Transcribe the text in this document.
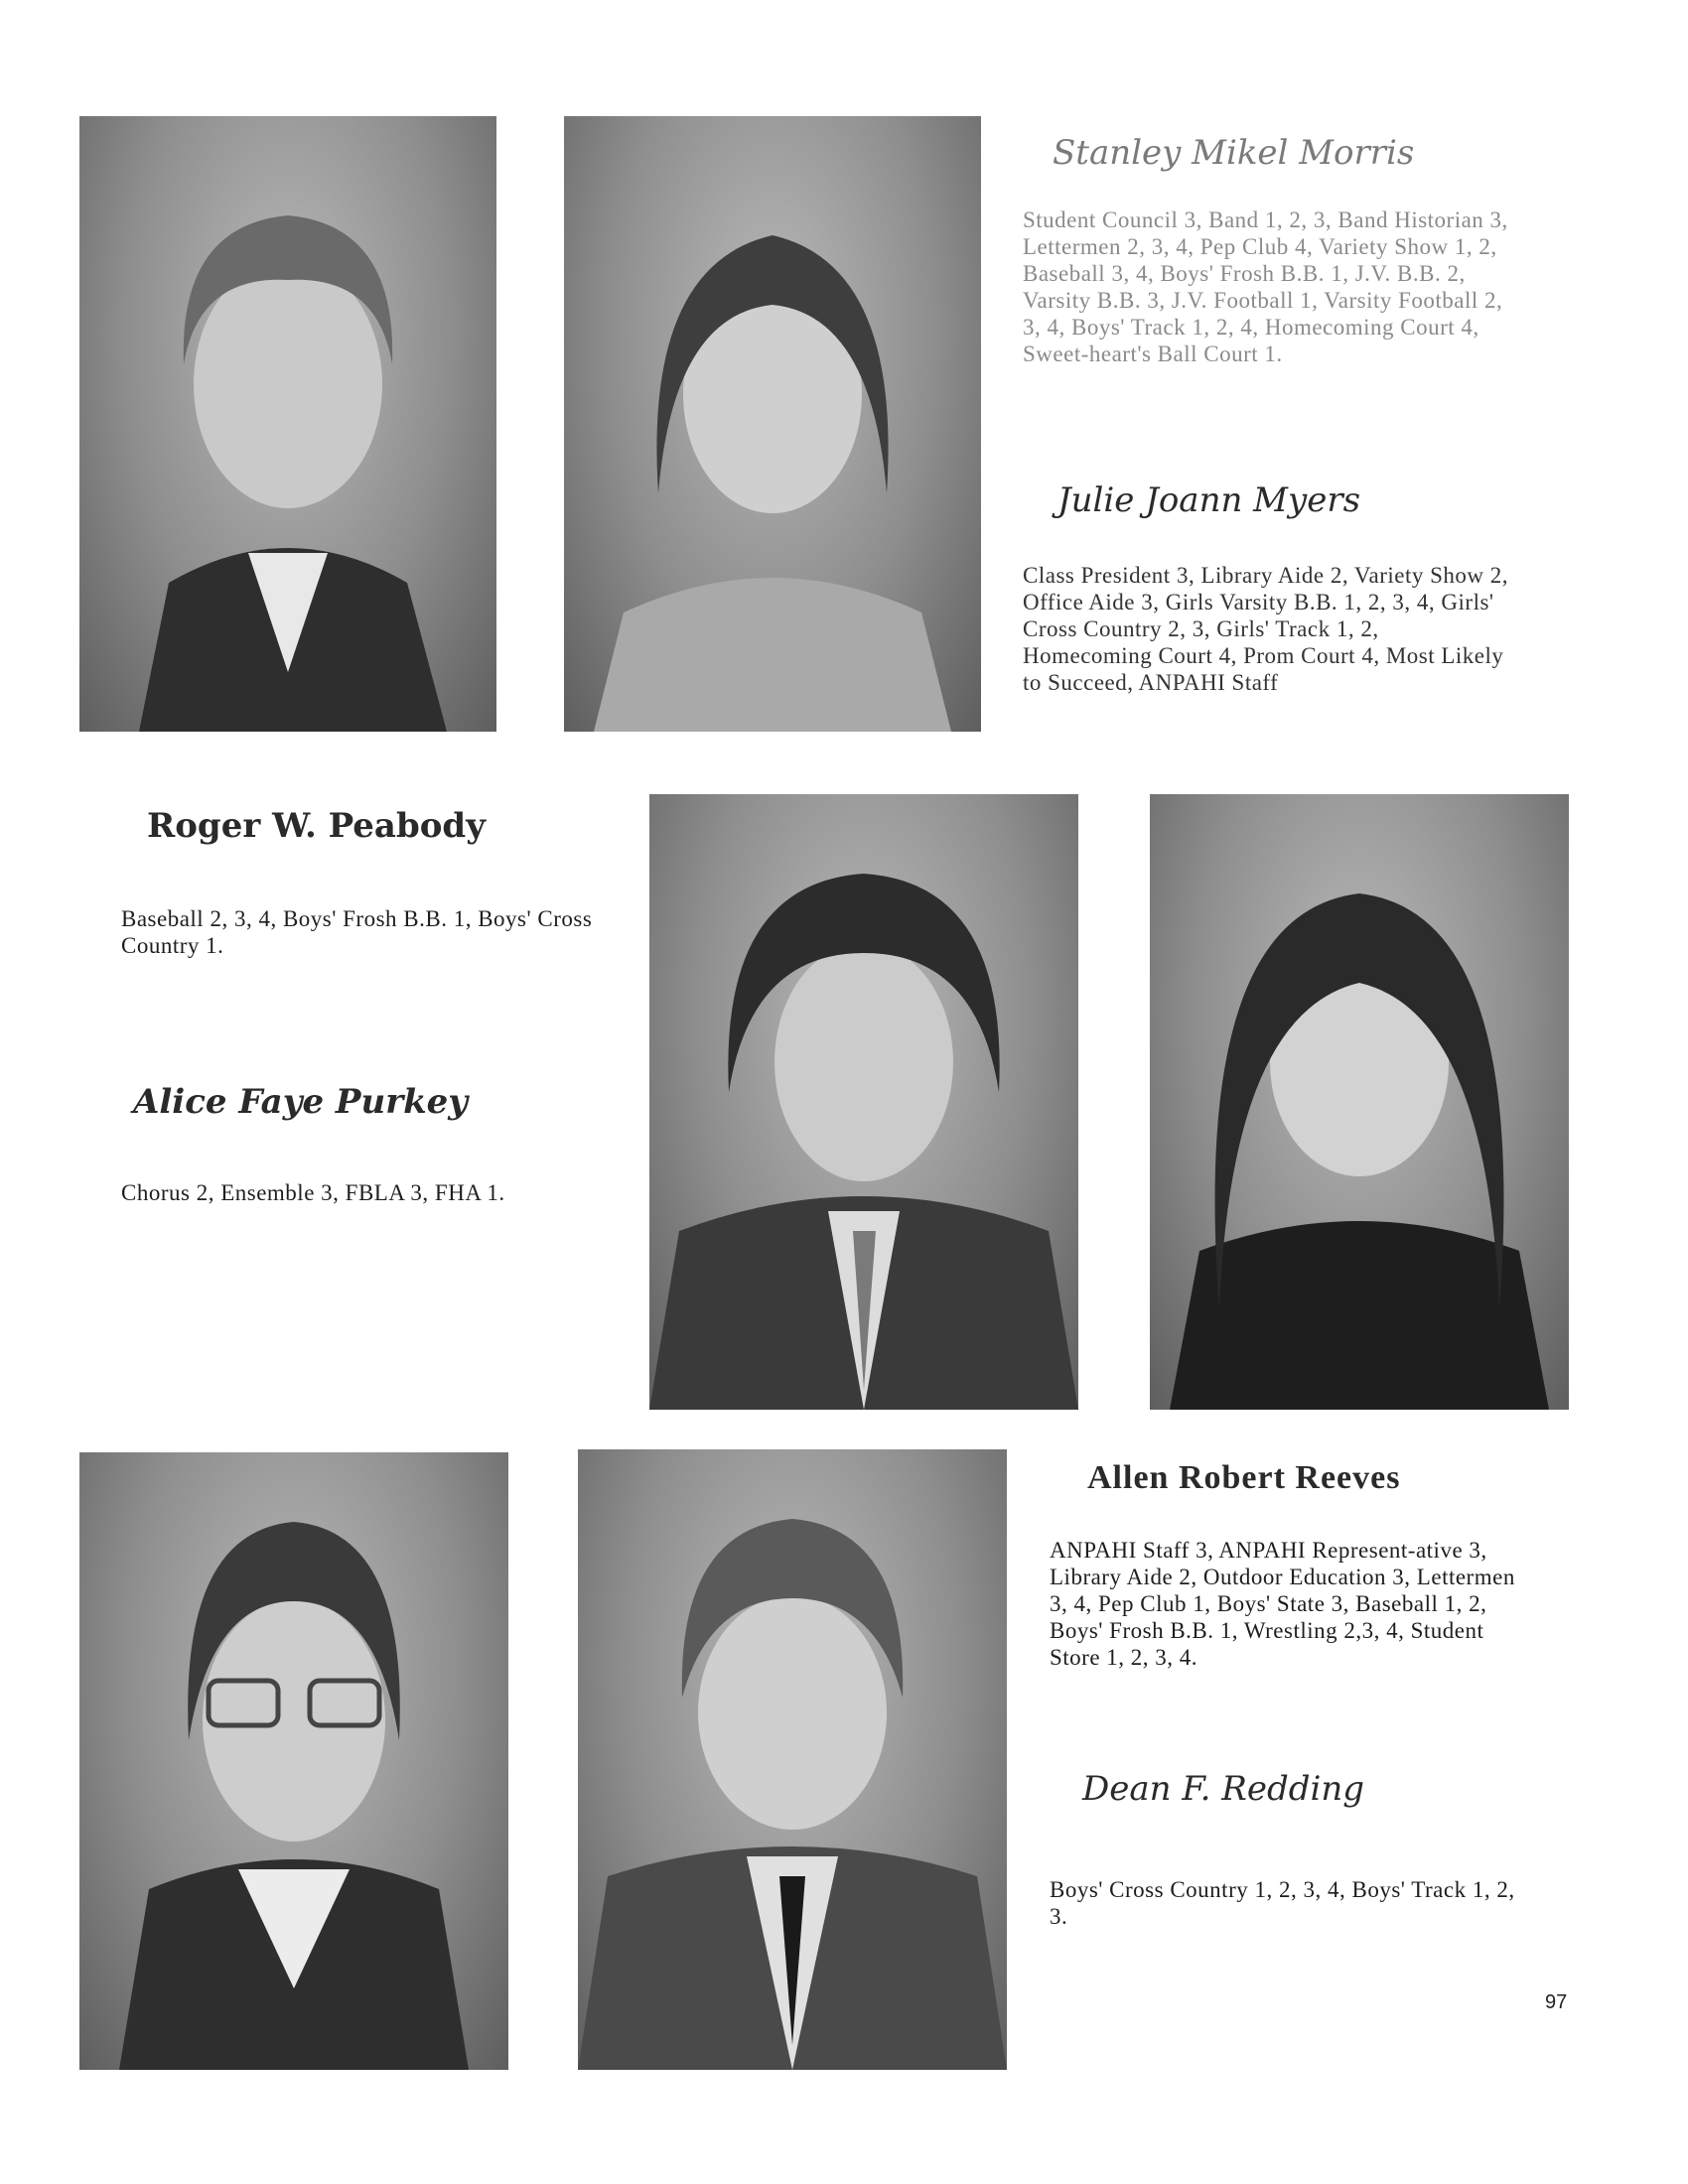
Stanley Mikel Morris

Student Council 3, Band 1, 2, 3, Band Historian 3, Lettermen 2, 3, 4, Pep Club 4, Variety Show 1, 2, Baseball 3, 4, Boys' Frosh B.B. 1, J.V. B.B. 2, Varsity B.B. 3, J.V. Football 1, Varsity Football 2, 3, 4, Boys' Track 1, 2, 4, Homecoming Court 4, Sweet-heart's Ball Court 1.

Julie Joann Myers

Class President 3, Library Aide 2, Variety Show 2, Office Aide 3, Girls Varsity B.B. 1, 2, 3, 4, Girls' Cross Country 2, 3, Girls' Track 1, 2, Homecoming Court 4, Prom Court 4, Most Likely to Succeed, ANPAHI Staff

Roger W. Peabody

Baseball 2, 3, 4, Boys' Frosh B.B. 1, Boys' Cross Country 1.

Alice Faye Purkey

Chorus 2, Ensemble 3, FBLA 3, FHA 1.

Allen Robert Reeves

ANPAHI Staff 3, ANPAHI Represent-ative 3, Library Aide 2, Outdoor Education 3, Lettermen 3, 4, Pep Club 1, Boys' State 3, Baseball 1, 2, Boys' Frosh B.B. 1, Wrestling 2,3, 4, Student Store 1, 2, 3, 4.

Dean F. Redding

Boys' Cross Country 1, 2, 3, 4, Boys' Track 1, 2, 3.

97
